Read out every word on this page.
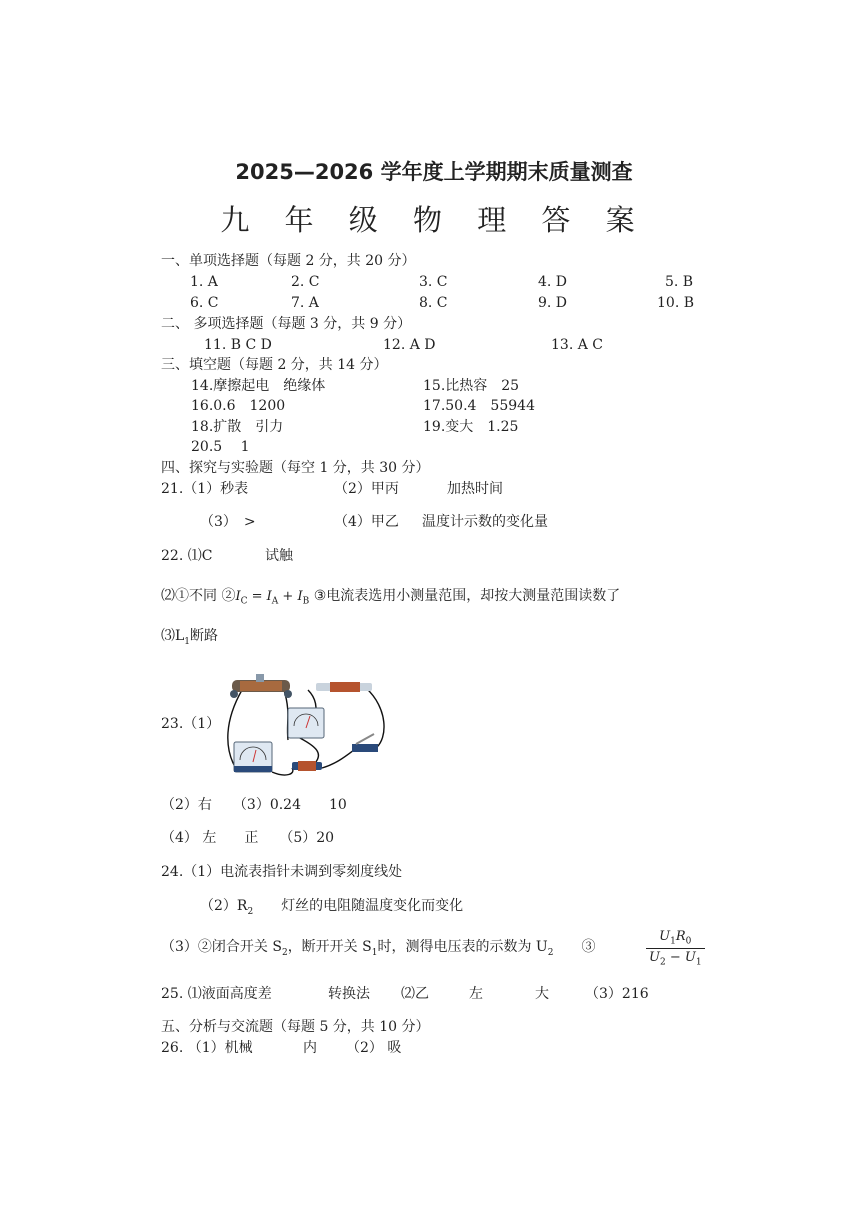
2025—2026 学年度上学期期末质量测查
九 年 级 物 理 答 案
一、单项选择题（每题 2 分，共 20 分）
1. A	2. C	3. C	4. D	5. B
6. C	7. A	8. C	9. D	10. B
二、 多项选择题（每题 3 分，共 9 分）
11. B C D	12. A D	13. A C
三、填空题（每题 2 分，共 14 分）
14.摩擦起电　绝缘体	15.比热容　25
16.0.6　1200	17.50.4　55944
18.扩散　引力	19.变大　1.25
20.5　 1
四、探究与实验题（每空 1 分，共 30 分）
21.（1）秒表	（2）甲丙	加热时间
（3）　>	（4）甲乙 温度计示数的变化量
22. ⑴C	试触
⑵①不同 $②I_C = I_A + I_B$ ③电流表选用小测量范围，却按大测量范围读数了
$⑶L_1$断路
23.（1）
（2）右　　（3）0.24　　10
（4） 左　　正　　（5）20
24.（1）电流表指针未调到零刻度线处
$(2)R_2$　　 灯丝的电阻随温度变化而变化
（3）②闭合开关 $S_2$，断开开关 $S_1$时，测得电压表的示数为 $U_2$　　 ③	$\frac{U_1R_0}{U_2 - U_1}$
25. ⑴液面高度差	转换法 ⑵乙	左	大	（3）216
五、分析与交流题（每题 5 分，共 10 分）
26. （1）机械	内 （2） 吸
